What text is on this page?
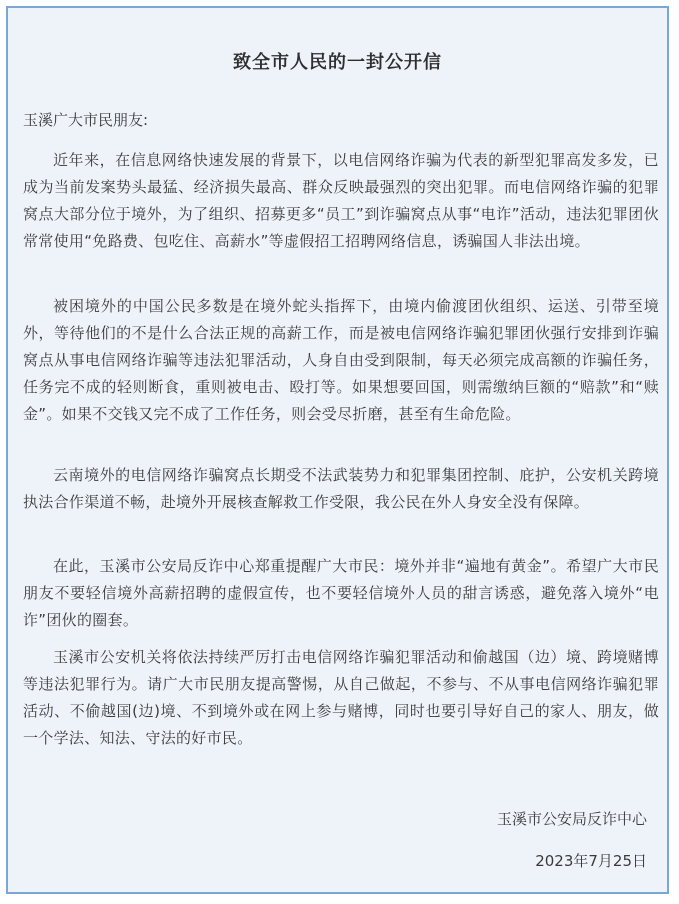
致全市人民的一封公开信
玉溪广大市民朋友:

近年来，在信息网络快速发展的背景下，以电信网络诈骗为代表的新型犯罪高发多发，已成为当前发案势头最猛、经济损失最高、群众反映最强烈的突出犯罪。而电信网络诈骗的犯罪窝点大部分位于境外，为了组织、招募更多“员工”到诈骗窝点从事“电诈”活动，违法犯罪团伙常常使用“免路费、包吃住、高薪水”等虚假招工招聘网络信息，诱骗国人非法出境。

被困境外的中国公民多数是在境外蛇头指挥下，由境内偷渡团伙组织、运送、引带至境外，等待他们的不是什么合法正规的高薪工作，而是被电信网络诈骗犯罪团伙强行安排到诈骗窝点从事电信网络诈骗等违法犯罪活动，人身自由受到限制，每天必须完成高额的诈骗任务，任务完不成的轻则断食，重则被电击、殴打等。如果想要回国，则需缴纳巨额的“赔款”和“赎金”。如果不交钱又完不成了工作任务，则会受尽折磨，甚至有生命危险。

云南境外的电信网络诈骗窝点长期受不法武装势力和犯罪集团控制、庇护，公安机关跨境执法合作渠道不畅，赴境外开展核查解救工作受限，我公民在外人身安全没有保障。

在此，玉溪市公安局反诈中心郑重提醒广大市民：境外并非“遍地有黄金”。希望广大市民朋友不要轻信境外高薪招聘的虚假宣传，也不要轻信境外人员的甜言诱惑，避免落入境外“电诈”团伙的圈套。

玉溪市公安机关将依法持续严厉打击电信网络诈骗犯罪活动和偷越国（边）境、跨境赌博等违法犯罪行为。请广大市民朋友提高警惕，从自己做起，不参与、不从事电信网络诈骗犯罪活动、不偷越国(边)境、不到境外或在网上参与赌博，同时也要引导好自己的家人、朋友，做一个学法、知法、守法的好市民。

玉溪市公安局反诈中心
2023年7月25日
